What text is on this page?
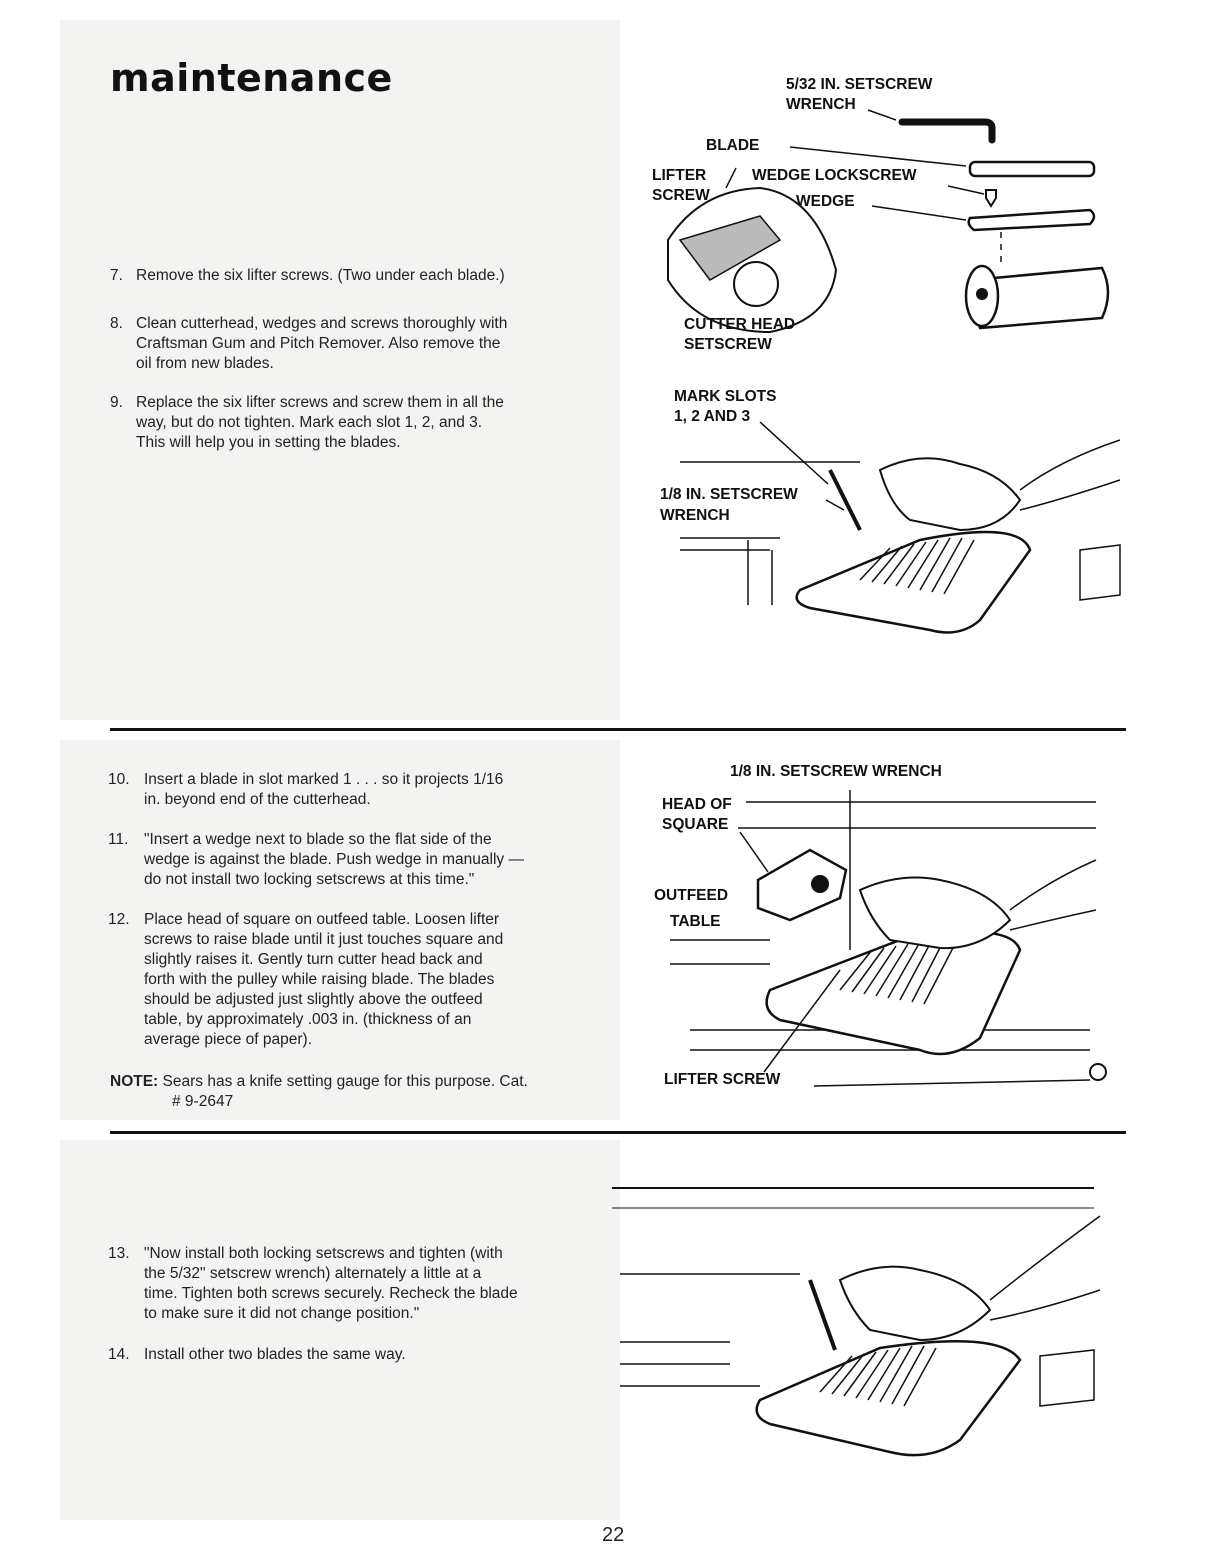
maintenance
7. Remove the six lifter screws. (Two under each blade.)
8. Clean cutterhead, wedges and screws thoroughly with
Craftsman Gum and Pitch Remover. Also remove the
oil from new blades.
9. Replace the six lifter screws and screw them in all the
way, but do not tighten. Mark each slot 1, 2, and 3.
This will help you in setting the blades.
5/32 IN. SETSCREW
WRENCH
BLADE
LIFTER
SCREW
WEDGE LOCKSCREW
WEDGE
CUTTER HEAD
SETSCREW
MARK SLOTS
1, 2 AND 3
1/8 IN. SETSCREW
WRENCH
10. Insert a blade in slot marked 1 . . . so it projects 1/16
in. beyond end of the cutterhead.
11. "Insert a wedge next to blade so the flat side of the
wedge is against the blade. Push wedge in manually —
do not install two locking setscrews at this time."
12. Place head of square on outfeed table. Loosen lifter
screws to raise blade until it just touches square and
slightly raises it. Gently turn cutter head back and
forth with the pulley while raising blade. The blades
should be adjusted just slightly above the outfeed
table, by approximately .003 in. (thickness of an
average piece of paper).
NOTE: Sears has a knife setting gauge for this purpose. Cat.
# 9-2647
1/8 IN. SETSCREW WRENCH
HEAD OF
SQUARE
OUTFEED
TABLE
LIFTER SCREW
13. "Now install both locking setscrews and tighten (with
the 5/32" setscrew wrench) alternately a little at a
time. Tighten both screws securely. Recheck the blade
to make sure it did not change position."
14. Install other two blades the same way.
22
